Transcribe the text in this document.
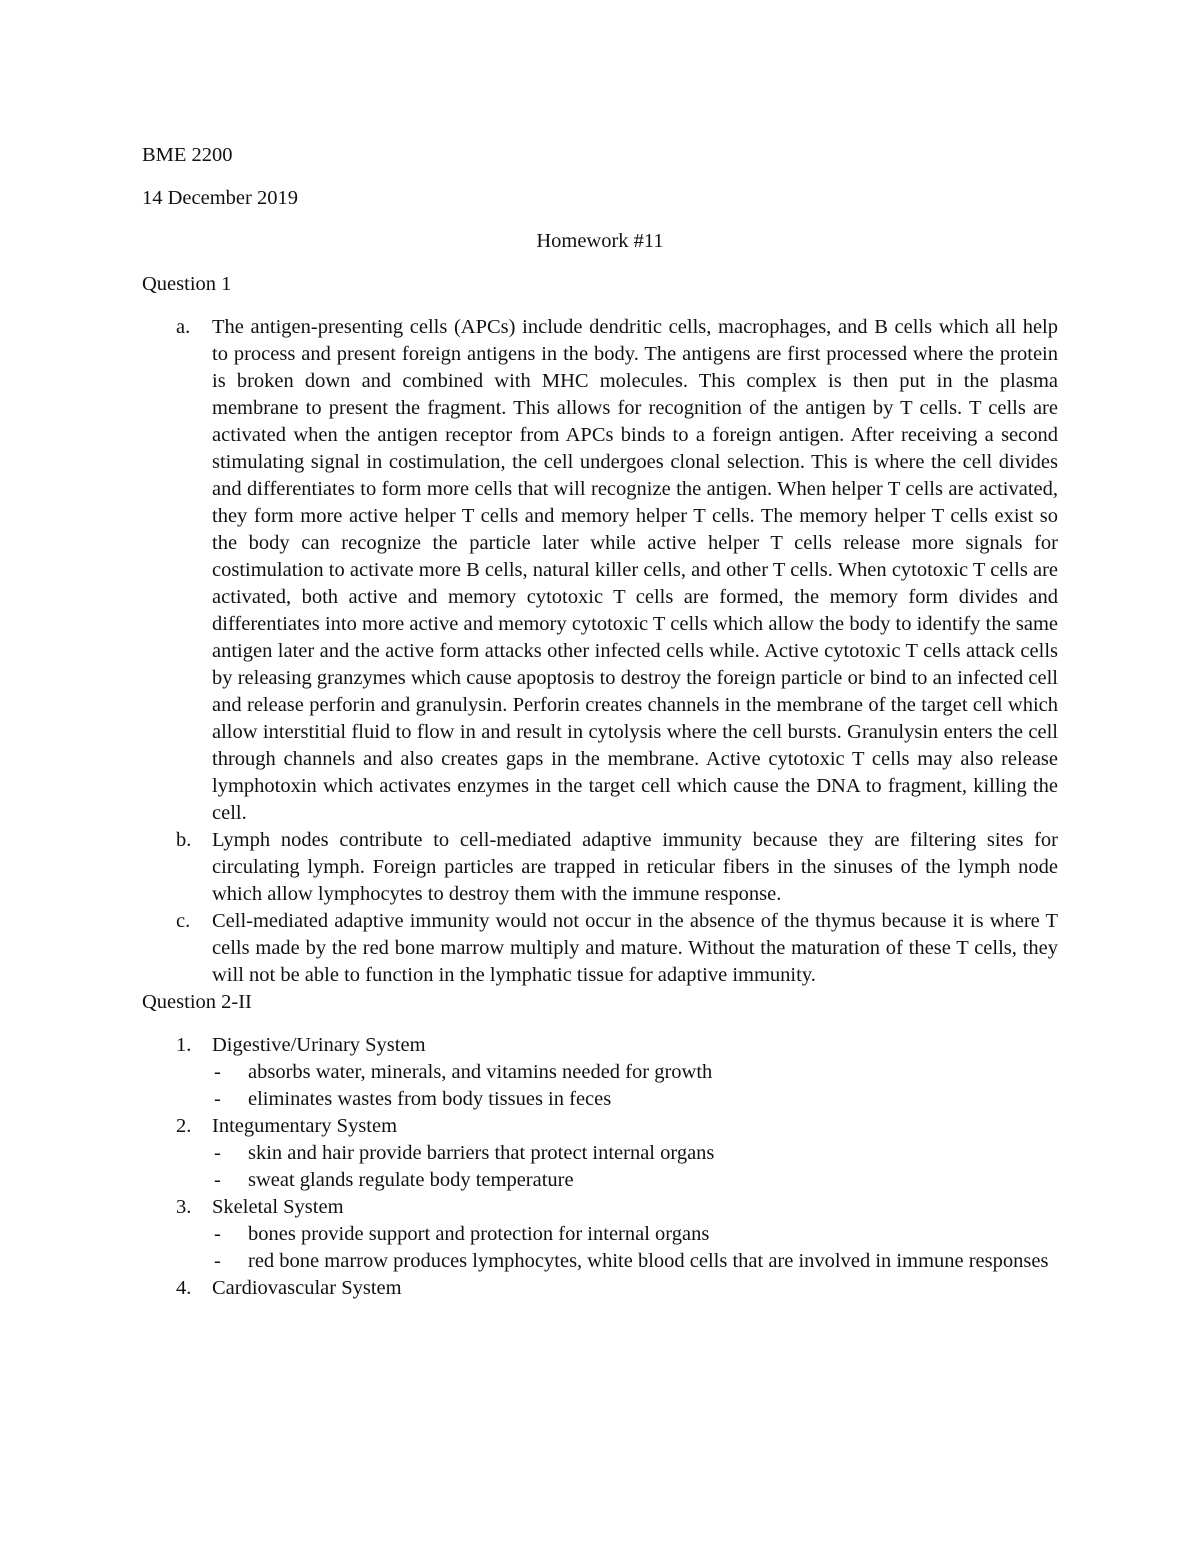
BME 2200

14 December 2019

Homework #11

Question 1

a. The antigen-presenting cells (APCs) include dendritic cells, macrophages, and B cells which all help to process and present foreign antigens in the body. The antigens are first processed where the protein is broken down and combined with MHC molecules. This complex is then put in the plasma membrane to present the fragment. This allows for recognition of the antigen by T cells. T cells are activated when the antigen receptor from APCs binds to a foreign antigen. After receiving a second stimulating signal in costimulation, the cell undergoes clonal selection. This is where the cell divides and differentiates to form more cells that will recognize the antigen. When helper T cells are activated, they form more active helper T cells and memory helper T cells. The memory helper T cells exist so the body can recognize the particle later while active helper T cells release more signals for costimulation to activate more B cells, natural killer cells, and other T cells. When cytotoxic T cells are activated, both active and memory cytotoxic T cells are formed, the memory form divides and differentiates into more active and memory cytotoxic T cells which allow the body to identify the same antigen later and the active form attacks other infected cells while. Active cytotoxic T cells attack cells by releasing granzymes which cause apoptosis to destroy the foreign particle or bind to an infected cell and release perforin and granulysin. Perforin creates channels in the membrane of the target cell which allow interstitial fluid to flow in and result in cytolysis where the cell bursts. Granulysin enters the cell through channels and also creates gaps in the membrane. Active cytotoxic T cells may also release lymphotoxin which activates enzymes in the target cell which cause the DNA to fragment, killing the cell.
b. Lymph nodes contribute to cell-mediated adaptive immunity because they are filtering sites for circulating lymph. Foreign particles are trapped in reticular fibers in the sinuses of the lymph node which allow lymphocytes to destroy them with the immune response.
c. Cell-mediated adaptive immunity would not occur in the absence of the thymus because it is where T cells made by the red bone marrow multiply and mature. Without the maturation of these T cells, they will not be able to function in the lymphatic tissue for adaptive immunity.

Question 2-II

1. Digestive/Urinary System
- absorbs water, minerals, and vitamins needed for growth
- eliminates wastes from body tissues in feces
2. Integumentary System
- skin and hair provide barriers that protect internal organs
- sweat glands regulate body temperature
3. Skeletal System
- bones provide support and protection for internal organs
- red bone marrow produces lymphocytes, white blood cells that are involved in immune responses
4. Cardiovascular System
